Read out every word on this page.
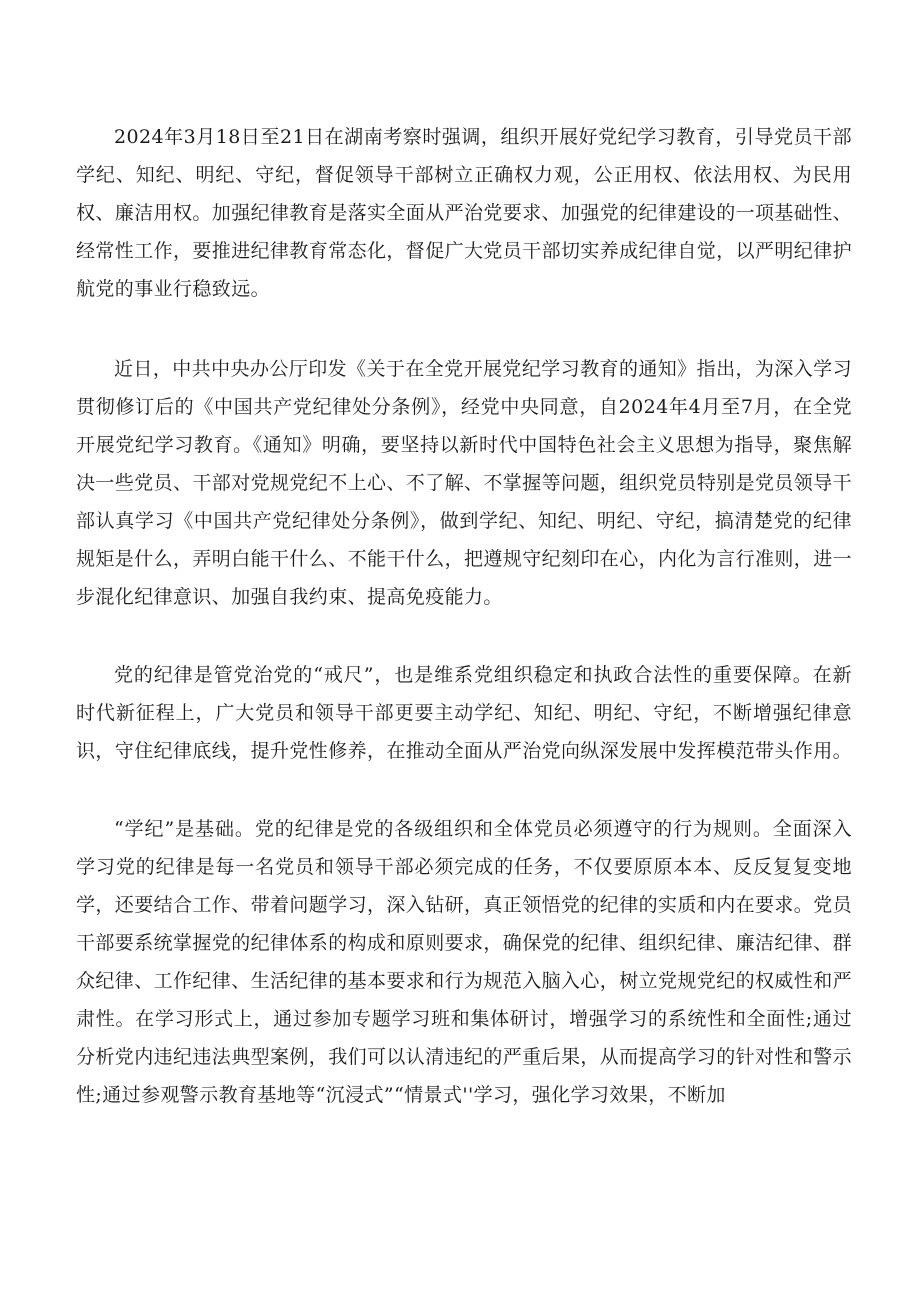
2024年3月18日至21日在湖南考察时强调，组织开展好党纪学习教育，引导党员干部学纪、知纪、明纪、守纪，督促领导干部树立正确权力观，公正用权、依法用权、为民用权、廉洁用权。加强纪律教育是落实全面从严治党要求、加强党的纪律建设的一项基础性、经常性工作，要推进纪律教育常态化，督促广大党员干部切实养成纪律自觉，以严明纪律护航党的事业行稳致远。

近日，中共中央办公厅印发《关于在全党开展党纪学习教育的通知》指出，为深入学习贯彻修订后的《中国共产党纪律处分条例》，经党中央同意，自2024年4月至7月，在全党开展党纪学习教育。《通知》明确，要坚持以新时代中国特色社会主义思想为指导，聚焦解决一些党员、干部对党规党纪不上心、不了解、不掌握等问题，组织党员特别是党员领导干部认真学习《中国共产党纪律处分条例》，做到学纪、知纪、明纪、守纪，搞清楚党的纪律规矩是什么，弄明白能干什么、不能干什么，把遵规守纪刻印在心，内化为言行准则，进一步混化纪律意识、加强自我约束、提高免疫能力。

党的纪律是管党治党的“戒尺”，也是维系党组织稳定和执政合法性的重要保障。在新时代新征程上，广大党员和领导干部更要主动学纪、知纪、明纪、守纪，不断增强纪律意识，守住纪律底线，提升党性修养，在推动全面从严治党向纵深发展中发挥模范带头作用。

“学纪”是基础。党的纪律是党的各级组织和全体党员必须遵守的行为规则。全面深入学习党的纪律是每一名党员和领导干部必须完成的任务，不仅要原原本本、反反复复变地学，还要结合工作、带着问题学习，深入钻研，真正领悟党的纪律的实质和内在要求。党员干部要系统掌握党的纪律体系的构成和原则要求，确保党的纪律、组织纪律、廉洁纪律、群众纪律、工作纪律、生活纪律的基本要求和行为规范入脑入心，树立党规党纪的权威性和严肃性。在学习形式上，通过参加专题学习班和集体研讨，增强学习的系统性和全面性;通过分析党内违纪违法典型案例，我们可以认清违纪的严重后果，从而提高学习的针对性和警示性;通过参观警示教育基地等“沉浸式”“情景式''学习，强化学习效果，不断加
